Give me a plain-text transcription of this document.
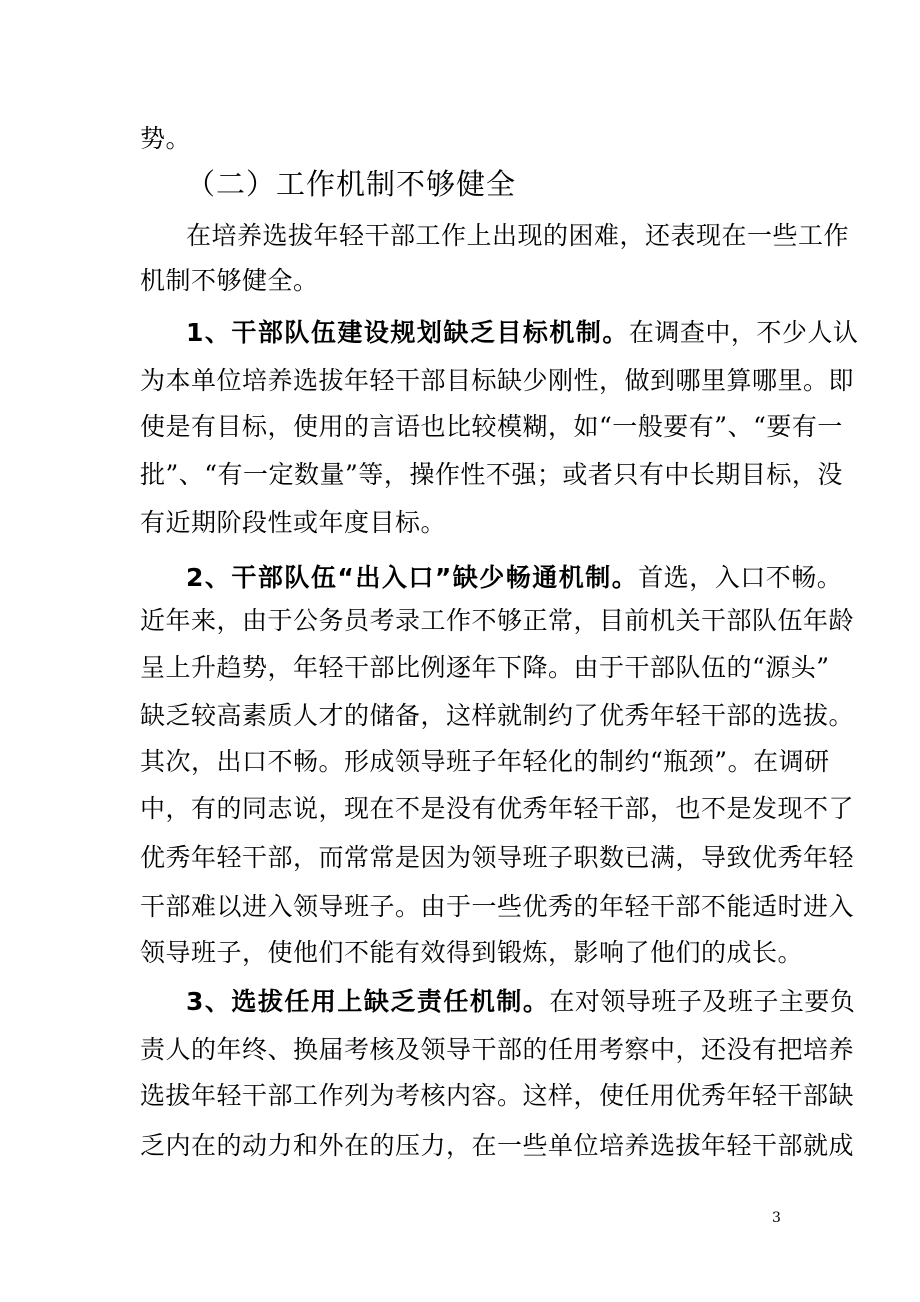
势。
（二）工作机制不够健全
在培养选拔年轻干部工作上出现的困难，还表现在一些工作
机制不够健全。
1、干部队伍建设规划缺乏目标机制。在调查中，不少人认
为本单位培养选拔年轻干部目标缺少刚性，做到哪里算哪里。即
使是有目标，使用的言语也比较模糊，如“一般要有”、“要有一
批”、“有一定数量”等，操作性不强；或者只有中长期目标，没
有近期阶段性或年度目标。
2、干部队伍“出入口”缺少畅通机制。首选，入口不畅。
近年来，由于公务员考录工作不够正常，目前机关干部队伍年龄
呈上升趋势，年轻干部比例逐年下降。由于干部队伍的“源头”
缺乏较高素质人才的储备，这样就制约了优秀年轻干部的选拔。
其次，出口不畅。形成领导班子年轻化的制约“瓶颈”。在调研
中，有的同志说，现在不是没有优秀年轻干部，也不是发现不了
优秀年轻干部，而常常是因为领导班子职数已满，导致优秀年轻
干部难以进入领导班子。由于一些优秀的年轻干部不能适时进入
领导班子，使他们不能有效得到锻炼，影响了他们的成长。
3、选拔任用上缺乏责任机制。在对领导班子及班子主要负
责人的年终、换届考核及领导干部的任用考察中，还没有把培养
选拔年轻干部工作列为考核内容。这样，使任用优秀年轻干部缺
乏内在的动力和外在的压力，在一些单位培养选拔年轻干部就成
3
